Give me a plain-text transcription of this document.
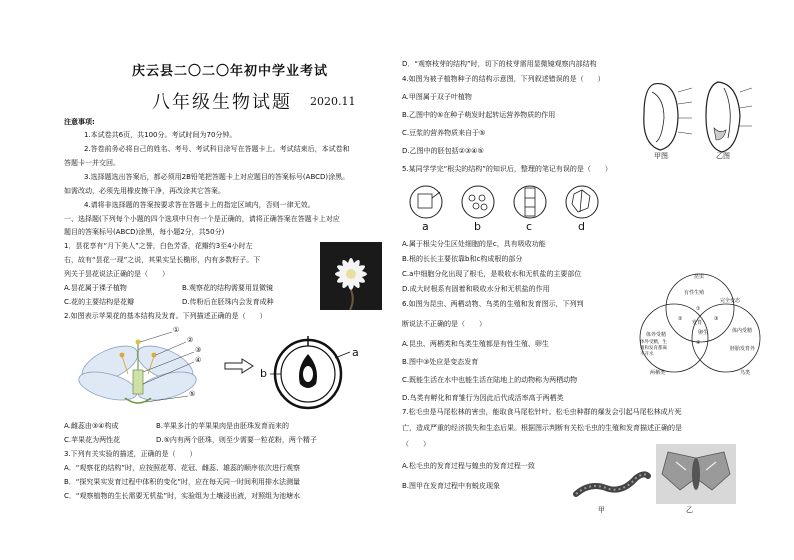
庆云县二〇二〇年初中学业考试
八年级生物试题 2020.11
注意事项:
1.本试卷共6页，共100分。考试时间为70分钟。
2.答卷前务必将自己的姓名、考号、考试科目涂写在答题卡上。考试结束后，本试卷和
答题卡一并交回。
3.选择题选出答案后，都必须用2B铅笔把答题卡上对应题目的答案标号(ABCD)涂黑。
如需改动，必须先用橡皮擦干净，再改涂其它答案。
4.请将非选择题的答案按要求答在答题卡上的指定区域内，否则一律无效。
一、选择题(下列每个小题的四个选项中只有一个是正确的，请将正确答案在答题卡上对应
题目的答案标号(ABCD)涂黑，每小题2分，共50分)
1．昙花享有“月下美人”之誉，白色芳香，花瓣约3至4小时左
右，故有“昙花一现”之说，其果实呈长椭形，内有多数籽子。下
列关于昙花说法正确的是（　　）
A.昙花属于裸子植物	B.观察花的结构需要用显微镜
C.花的主要结构是花瓣	D.传粉后在胚珠内会发育成种
2.如图表示苹果花的基本结构及发育。下列描述正确的是（　　）
①
②
③
④
⑤
b
a
A.雌蕊由③④构成	B.苹果多汁的苹果果肉是由胚珠发育而来的
C.苹果花为两性花	D.⑤内有两个胚珠，则至少需要一粒花粉，两个精子
3.下列有关实验的描述，正确的是（　　）
A．“观察花的结构”时，应按照花萼、花冠、雌蕊、雄蕊的顺序依次进行观察
B．“探究果实发育过程中体积的变化”时，应在每天同一时间利用排水法测量
C．“观察植物的生长需要无机盐”时，实验组为土壤浸出液，对照组为池塘水
D．“观察枝芽的结构”时，切下的枝芽需用显微镜观察内部结构
4.如图为被子植物种子的结构示意图，下列叙述错误的是（　　）
A.甲图属于双子叶植物
B.乙图中的⑤在种子萌发时起转运营养物质的作用
C.豆浆的营养物质来自于⑤
D.乙图中的胚包括②③④⑤
甲图	乙图
5.某同学学完“根尖的结构”的知识后，整理的笔记有误的是（　　）
a	b	c	d
A.属于根尖分生区处细胞的是c，具有吸收功能
B.根的长长主要依靠b和c构成根的部分
C.a中细胞分化出现了根毛，是吸收水和无机盐的主要部位
D.成大时根系有固着和吸收水分和无机盐的作用
6.如图为昆虫、两栖动物、鸟类的生殖和发育图示，下列判
断说法不正确的是（　　）
A.昆虫、两栖类和鸟类生殖都是有性生殖、卵生
B.图中③处应是变态发育
C.既能生活在水中也能生活在陆地上的动物称为两栖动物
D.鸟类有孵化和育雏行为因此后代成活率高于两栖类
昆虫
发育
①
②	③
④
体外受精
体外受精，生殖和发育都离不开水
体内受精
卵生
有性生殖
完全变态
胚胎发育外
两栖类	鸟类
7.松毛虫是马尾松林的害虫，能取食马尾松针叶。松毛虫种群的爆发会引起马尾松林成片死
亡，造成严重的经济损失和生态后果。根据图示判断有关松毛虫的生殖和发育描述正确的是
（　　）
A.松毛虫的发育过程与蝗虫的发育过程一致
B.图甲在发育过程中有蜕皮现象
甲	乙
